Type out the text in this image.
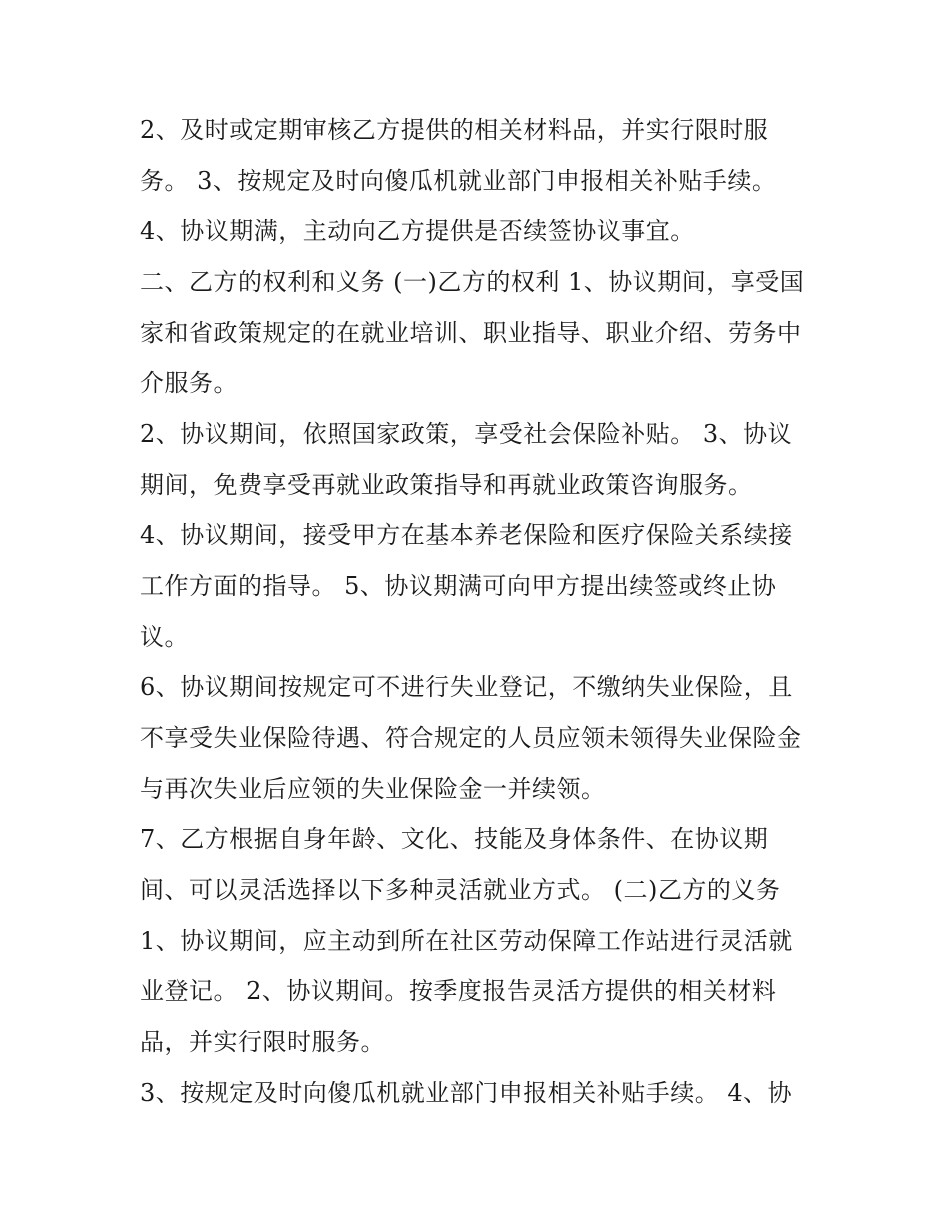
2、及时或定期审核乙方提供的相关材料品，并实行限时服

务。 3、按规定及时向傻瓜机就业部门申报相关补贴手续。

4、协议期满，主动向乙方提供是否续签协议事宜。

二、乙方的权利和义务 (一)乙方的权利 1、协议期间，享受国

家和省政策规定的在就业培训、职业指导、职业介绍、劳务中

介服务。

2、协议期间，依照国家政策，享受社会保险补贴。 3、协议

期间，免费享受再就业政策指导和再就业政策咨询服务。

4、协议期间，接受甲方在基本养老保险和医疗保险关系续接

工作方面的指导。 5、协议期满可向甲方提出续签或终止协

议。

6、协议期间按规定可不进行失业登记，不缴纳失业保险，且

不享受失业保险待遇、符合规定的人员应领未领得失业保险金

与再次失业后应领的失业保险金一并续领。

7、乙方根据自身年龄、文化、技能及身体条件、在协议期

间、可以灵活选择以下多种灵活就业方式。 (二)乙方的义务

1、协议期间，应主动到所在社区劳动保障工作站进行灵活就

业登记。 2、协议期间。按季度报告灵活方提供的相关材料

品，并实行限时服务。

3、按规定及时向傻瓜机就业部门申报相关补贴手续。 4、协
